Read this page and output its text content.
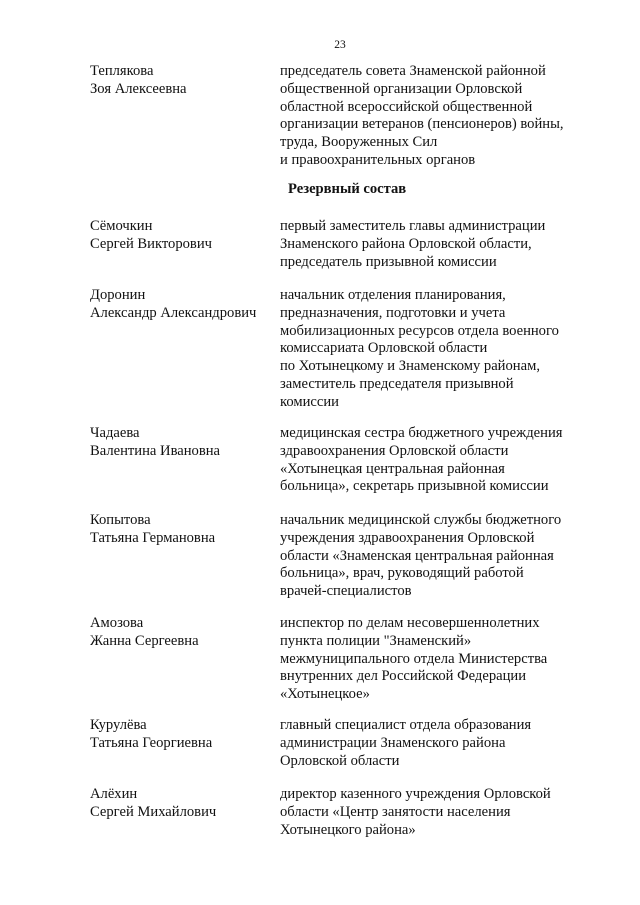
23
Теплякова
Зоя Алексеевна
председатель совета Знаменской районной
общественной организации Орловской
областной всероссийской общественной
организации ветеранов (пенсионеров) войны,
труда, Вооруженных Сил
и правоохранительных органов
Резервный состав
Сёмочкин
Сергей Викторович
первый заместитель главы администрации
Знаменского района Орловской области,
председатель призывной комиссии
Доронин
Александр Александрович
начальник отделения планирования,
предназначения, подготовки и учета
мобилизационных ресурсов отдела военного
комиссариата Орловской области
по Хотынецкому и Знаменскому районам,
заместитель председателя призывной
комиссии
Чадаева
Валентина Ивановна
медицинская сестра бюджетного учреждения
здравоохранения Орловской области
«Хотынецкая центральная районная
больница», секретарь призывной комиссии
Копытова
Татьяна Германовна
начальник медицинской службы бюджетного
учреждения здравоохранения Орловской
области «Знаменская центральная районная
больница», врач, руководящий работой
врачей-специалистов
Амозова
Жанна Сергеевна
инспектор по делам несовершеннолетних
пункта полиции "Знаменский»
межмуниципального отдела Министерства
внутренних дел Российской Федерации
«Хотынецкое»
Курулёва
Татьяна Георгиевна
главный специалист отдела образования
администрации Знаменского района
Орловской области
Алёхин
Сергей Михайлович
директор казенного учреждения Орловской
области «Центр занятости населения
Хотынецкого района»
